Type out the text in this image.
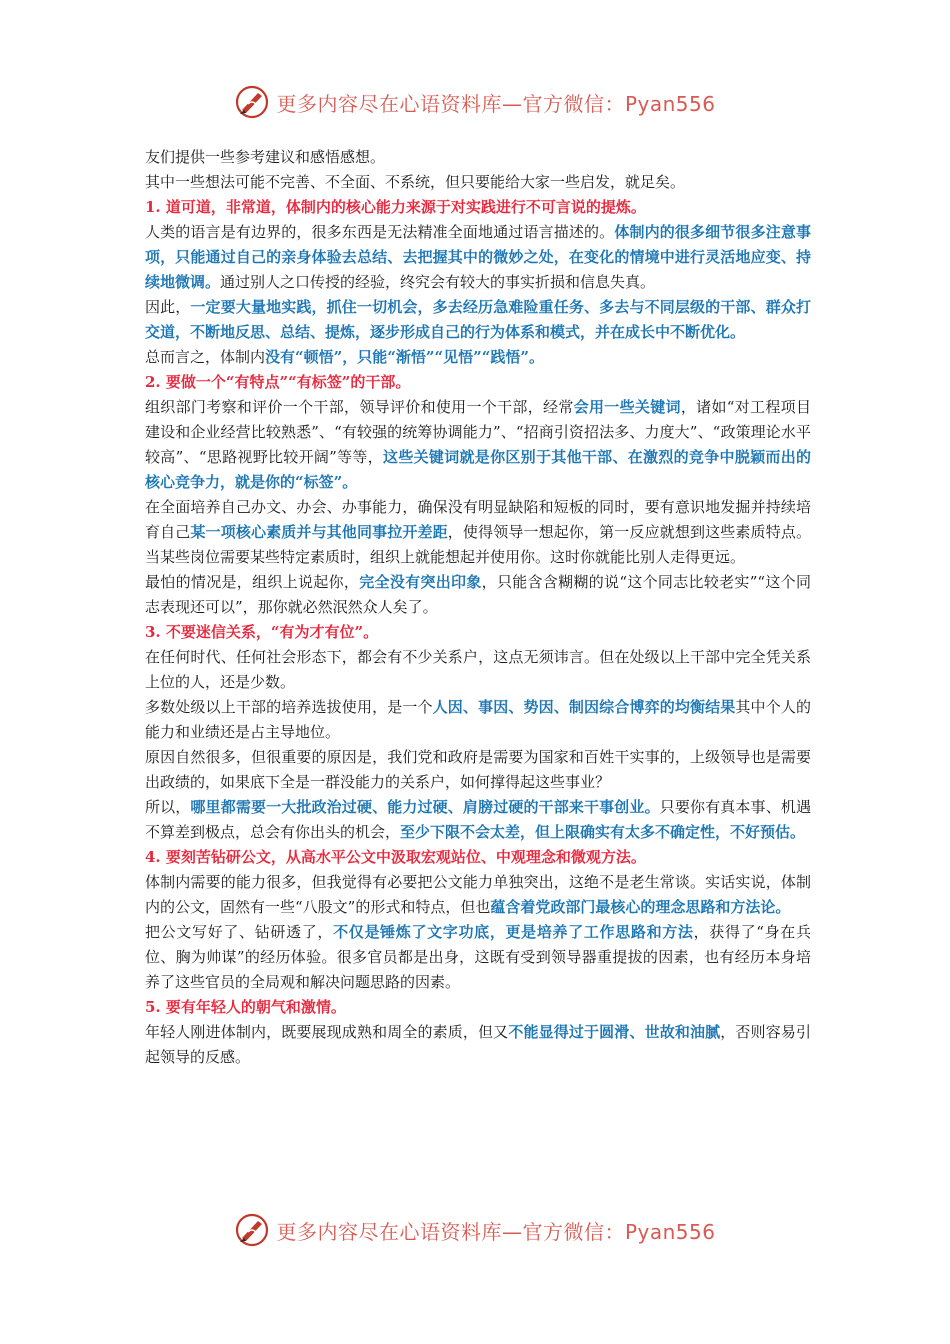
更多内容尽在心语资料库—官方微信：Pyan556

友们提供一些参考建议和感悟感想。

其中一些想法可能不完善、不全面、不系统，但只要能给大家一些启发，就足矣。

1. 道可道，非常道，体制内的核心能力来源于对实践进行不可言说的提炼。

人类的语言是有边界的，很多东西是无法精准全面地通过语言描述的。体制内的很多细节很多注意事项，只能通过自己的亲身体验去总结、去把握其中的微妙之处，在变化的情境中进行灵活地应变、持续地微调。通过别人之口传授的经验，终究会有较大的事实折损和信息失真。

因此，一定要大量地实践，抓住一切机会，多去经历急难险重任务、多去与不同层级的干部、群众打交道，不断地反思、总结、提炼，逐步形成自己的行为体系和模式，并在成长中不断优化。

总而言之，体制内没有“顿悟”，只能“渐悟”“见悟”“践悟”。

2. 要做一个“有特点”“有标签”的干部。

组织部门考察和评价一个干部，领导评价和使用一个干部，经常会用一些关键词，诸如“对工程项目建设和企业经营比较熟悉”、“有较强的统筹协调能力”、“招商引资招法多、力度大”、“政策理论水平较高”、“思路视野比较开阔”等等，这些关键词就是你区别于其他干部、在激烈的竞争中脱颖而出的核心竞争力，就是你的“标签”。

在全面培养自己办文、办会、办事能力，确保没有明显缺陷和短板的同时，要有意识地发掘并持续培育自己某一项核心素质并与其他同事拉开差距，使得领导一想起你，第一反应就想到这些素质特点。当某些岗位需要某些特定素质时，组织上就能想起并使用你。这时你就能比别人走得更远。

最怕的情况是，组织上说起你，完全没有突出印象，只能含含糊糊的说“这个同志比较老实”“这个同志表现还可以”，那你就必然泯然众人矣了。

3. 不要迷信关系，“有为才有位”。

在任何时代、任何社会形态下，都会有不少关系户，这点无须讳言。但在处级以上干部中完全凭关系上位的人，还是少数。

多数处级以上干部的培养选拔使用，是一个人因、事因、势因、制因综合博弈的均衡结果其中个人的能力和业绩还是占主导地位。

原因自然很多，但很重要的原因是，我们党和政府是需要为国家和百姓干实事的，上级领导也是需要出政绩的，如果底下全是一群没能力的关系户，如何撑得起这些事业？

所以，哪里都需要一大批政治过硬、能力过硬、肩膀过硬的干部来干事创业。只要你有真本事、机遇不算差到极点，总会有你出头的机会，至少下限不会太差，但上限确实有太多不确定性，不好预估。

4. 要刻苦钻研公文，从高水平公文中汲取宏观站位、中观理念和微观方法。

体制内需要的能力很多，但我觉得有必要把公文能力单独突出，这绝不是老生常谈。实话实说，体制内的公文，固然有一些“八股文”的形式和特点，但也蕴含着党政部门最核心的理念思路和方法论。

把公文写好了、钻研透了，不仅是锤炼了文字功底，更是培养了工作思路和方法，获得了“身在兵位、胸为帅谋”的经历体验。很多官员都是出身，这既有受到领导器重提拔的因素，也有经历本身培养了这些官员的全局观和解决问题思路的因素。

5. 要有年轻人的朝气和激情。

年轻人刚进体制内，既要展现成熟和周全的素质，但又不能显得过于圆滑、世故和油腻，否则容易引起领导的反感。

更多内容尽在心语资料库—官方微信：Pyan556
